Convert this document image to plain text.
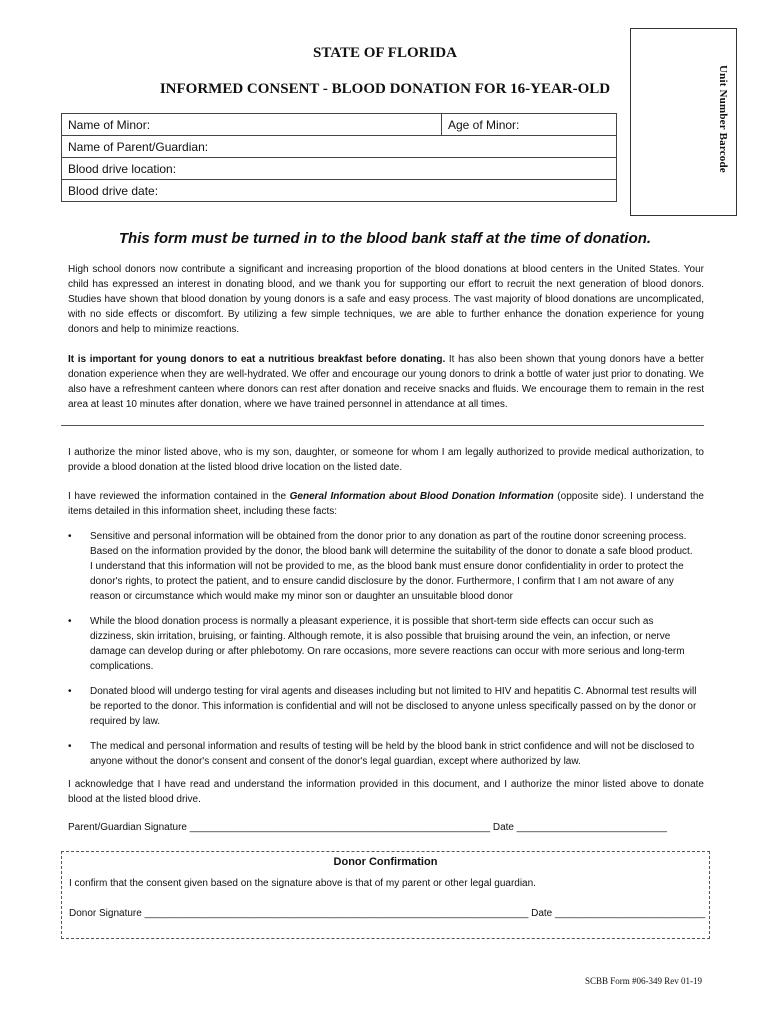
STATE OF FLORIDA
INFORMED CONSENT - BLOOD DONATION FOR 16-YEAR-OLD	Unit Number Barcode
Name of Minor:	Age of Minor:
Name of Parent/Guardian:
Blood drive location:
Blood drive date:
This form must be turned in to the blood bank staff at the time of donation.

High school donors now contribute a significant and increasing proportion of the blood donations at blood centers in the United States. Your child has expressed an interest in donating blood, and we thank you for supporting our effort to recruit the next generation of blood donors. Studies have shown that blood donation by young donors is a safe and easy process. The vast majority of blood donations are uncomplicated, with no side effects or discomfort. By utilizing a few simple techniques, we are able to further enhance the donation experience for young donors and help to minimize reactions.

It is important for young donors to eat a nutritious breakfast before donating. It has also been shown that young donors have a better donation experience when they are well-hydrated. We offer and encourage our young donors to drink a bottle of water just prior to donating. We also have a refreshment canteen where donors can rest after donation and receive snacks and fluids. We encourage them to remain in the rest area at least 10 minutes after donation, where we have trained personnel in attendance at all times.

I authorize the minor listed above, who is my son, daughter, or someone for whom I am legally authorized to provide medical authorization, to provide a blood donation at the listed blood drive location on the listed date.

I have reviewed the information contained in the General Information about Blood Donation Information (opposite side). I understand the items detailed in this information sheet, including these facts:

• Sensitive and personal information will be obtained from the donor prior to any donation as part of the routine donor screening process. Based on the information provided by the donor, the blood bank will determine the suitability of the donor to donate a safe blood product. I understand that this information will not be provided to me, as the blood bank must ensure donor confidentiality in order to protect the donor's rights, to protect the patient, and to ensure candid disclosure by the donor. Furthermore, I confirm that I am not aware of any reason or circumstance which would make my minor son or daughter an unsuitable blood donor
• While the blood donation process is normally a pleasant experience, it is possible that short-term side effects can occur such as dizziness, skin irritation, bruising, or fainting. Although remote, it is also possible that bruising around the vein, an infection, or nerve damage can develop during or after phlebotomy. On rare occasions, more severe reactions can occur with more serious and long-term complications.
• Donated blood will undergo testing for viral agents and diseases including but not limited to HIV and hepatitis C. Abnormal test results will be reported to the donor. This information is confidential and will not be disclosed to anyone unless specifically passed on by the donor or required by law.
• The medical and personal information and results of testing will be held by the blood bank in strict confidence and will not be disclosed to anyone without the donor's consent and consent of the donor's legal guardian, except where authorized by law.

I acknowledge that I have read and understand the information provided in this document, and I authorize the minor listed above to donate blood at the listed blood drive.

Parent/Guardian Signature ______________________________________________________ Date ___________________________
Donor Confirmation
I confirm that the consent given based on the signature above is that of my parent or other legal guardian.
Donor Signature _____________________________________________________________________ Date ___________________________
SCBB Form #06-349 Rev 01-19
